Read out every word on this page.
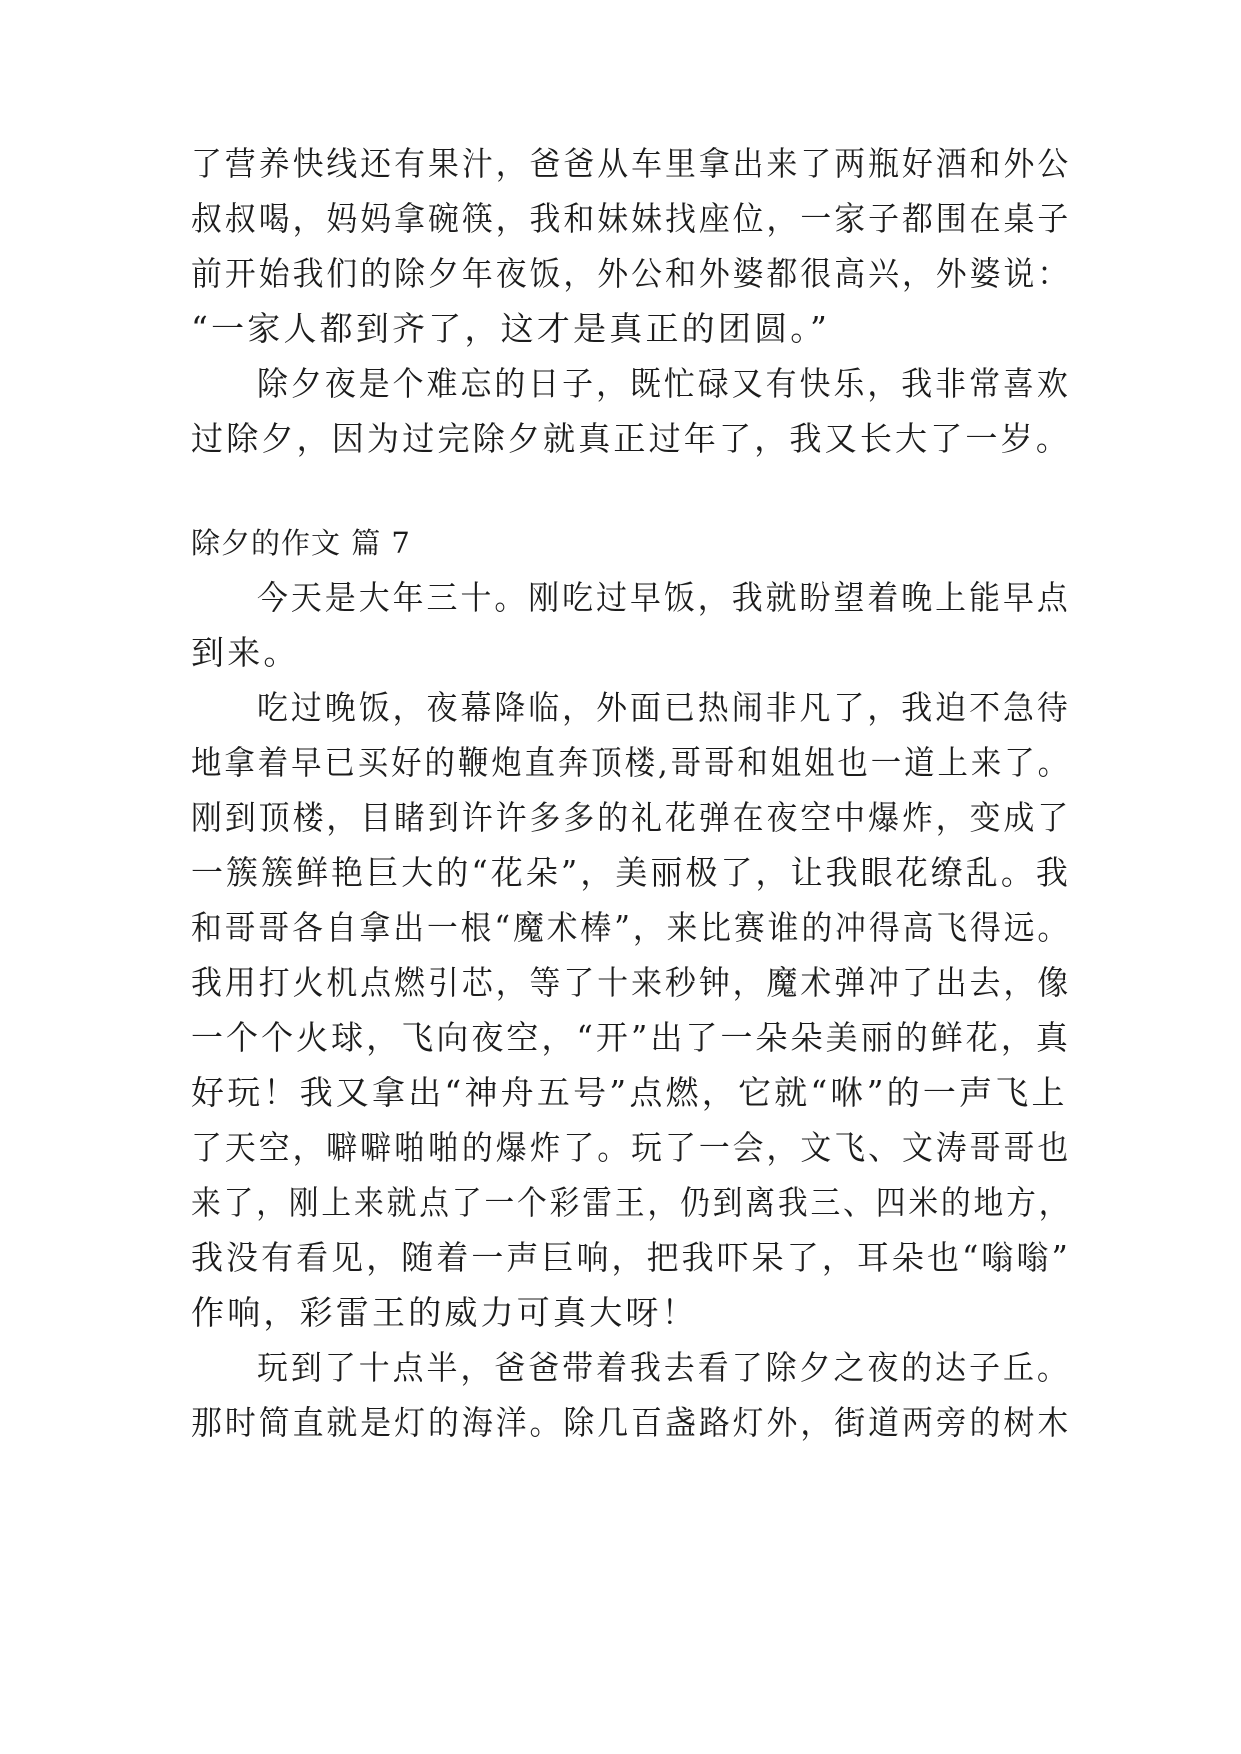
了营养快线还有果汁，爸爸从车里拿出来了两瓶好酒和外公
叔叔喝，妈妈拿碗筷，我和妹妹找座位，一家子都围在桌子
前开始我们的除夕年夜饭，外公和外婆都很高兴，外婆说：
“一家人都到齐了，这才是真正的团圆。”
除夕夜是个难忘的日子，既忙碌又有快乐，我非常喜欢
过除夕，因为过完除夕就真正过年了，我又长大了一岁。
除夕的作文 篇 7
今天是大年三十。刚吃过早饭，我就盼望着晚上能早点
到来。
吃过晚饭，夜幕降临，外面已热闹非凡了，我迫不急待
地拿着早已买好的鞭炮直奔顶楼,哥哥和姐姐也一道上来了。
刚到顶楼，目睹到许许多多的礼花弹在夜空中爆炸，变成了
一簇簇鲜艳巨大的“花朵”，美丽极了，让我眼花缭乱。我
和哥哥各自拿出一根“魔术棒”，来比赛谁的冲得高飞得远。
我用打火机点燃引芯，等了十来秒钟，魔术弹冲了出去，像
一个个火球，飞向夜空，“开”出了一朵朵美丽的鲜花，真
好玩！我又拿出“神舟五号”点燃，它就“咻”的一声飞上
了天空，噼噼啪啪的爆炸了。玩了一会，文飞、文涛哥哥也
来了，刚上来就点了一个彩雷王，仍到离我三、四米的地方，
我没有看见，随着一声巨响，把我吓呆了，耳朵也“嗡嗡”
作响，彩雷王的威力可真大呀！
玩到了十点半，爸爸带着我去看了除夕之夜的达子丘。
那时简直就是灯的海洋。除几百盏路灯外，街道两旁的树木
